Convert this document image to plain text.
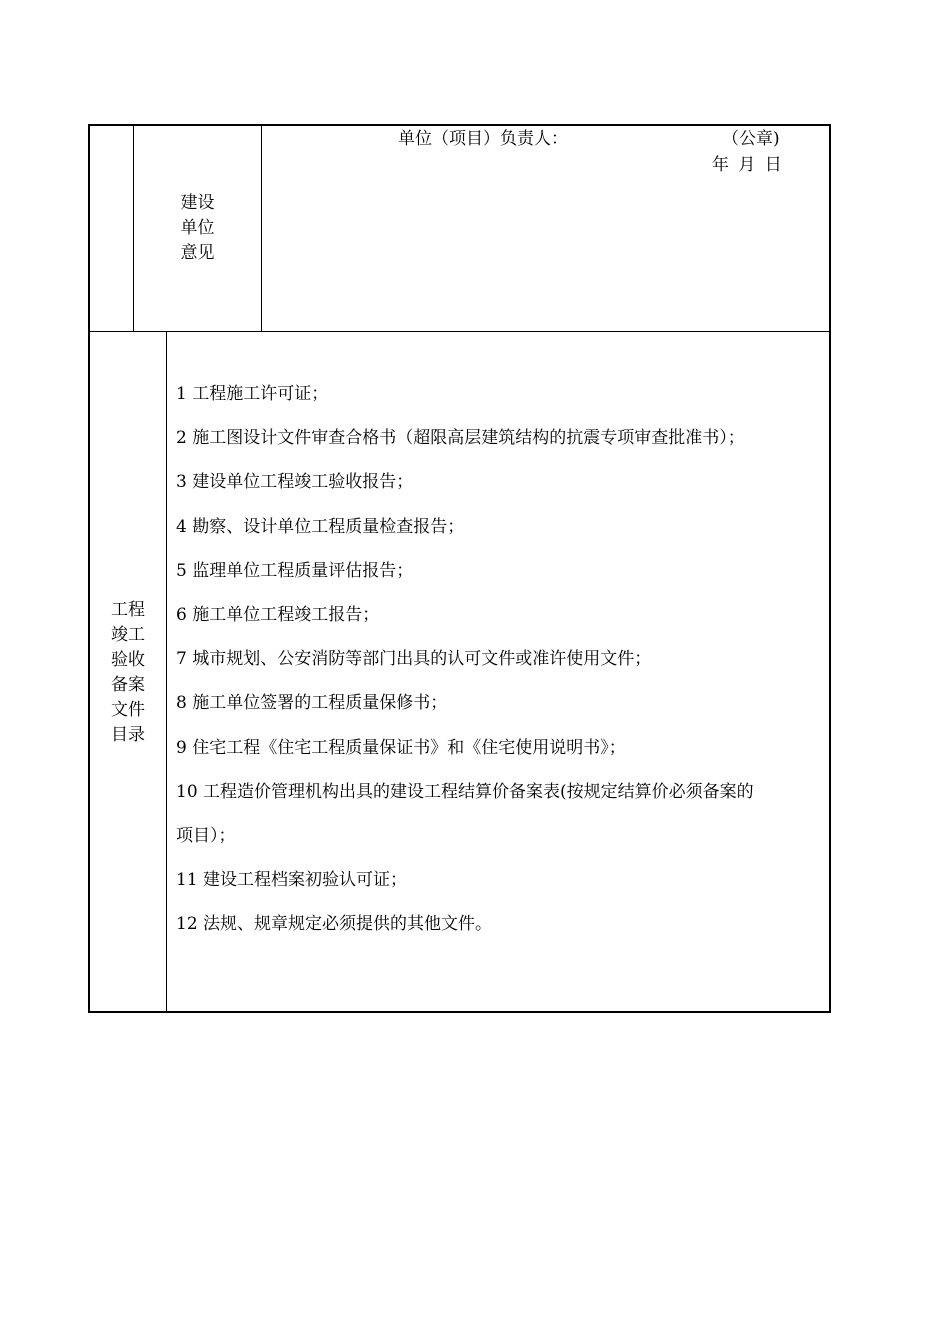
单位（项目）负责人：	（公章)
年 月 日
建设
单位
意见
工程
竣工
验收
备案
文件
目录
1 工程施工许可证；
2 施工图设计文件审查合格书（超限高层建筑结构的抗震专项审查批准书）；
3 建设单位工程竣工验收报告；
4 勘察、设计单位工程质量检查报告；
5 监理单位工程质量评估报告；
6 施工单位工程竣工报告；
7 城市规划、公安消防等部门出具的认可文件或准许使用文件；
8 施工单位签署的工程质量保修书；
9 住宅工程《住宅工程质量保证书》和《住宅使用说明书》；
10 工程造价管理机构出具的建设工程结算价备案表(按规定结算价必须备案的
项目）；
11 建设工程档案初验认可证；
12 法规、规章规定必须提供的其他文件。
